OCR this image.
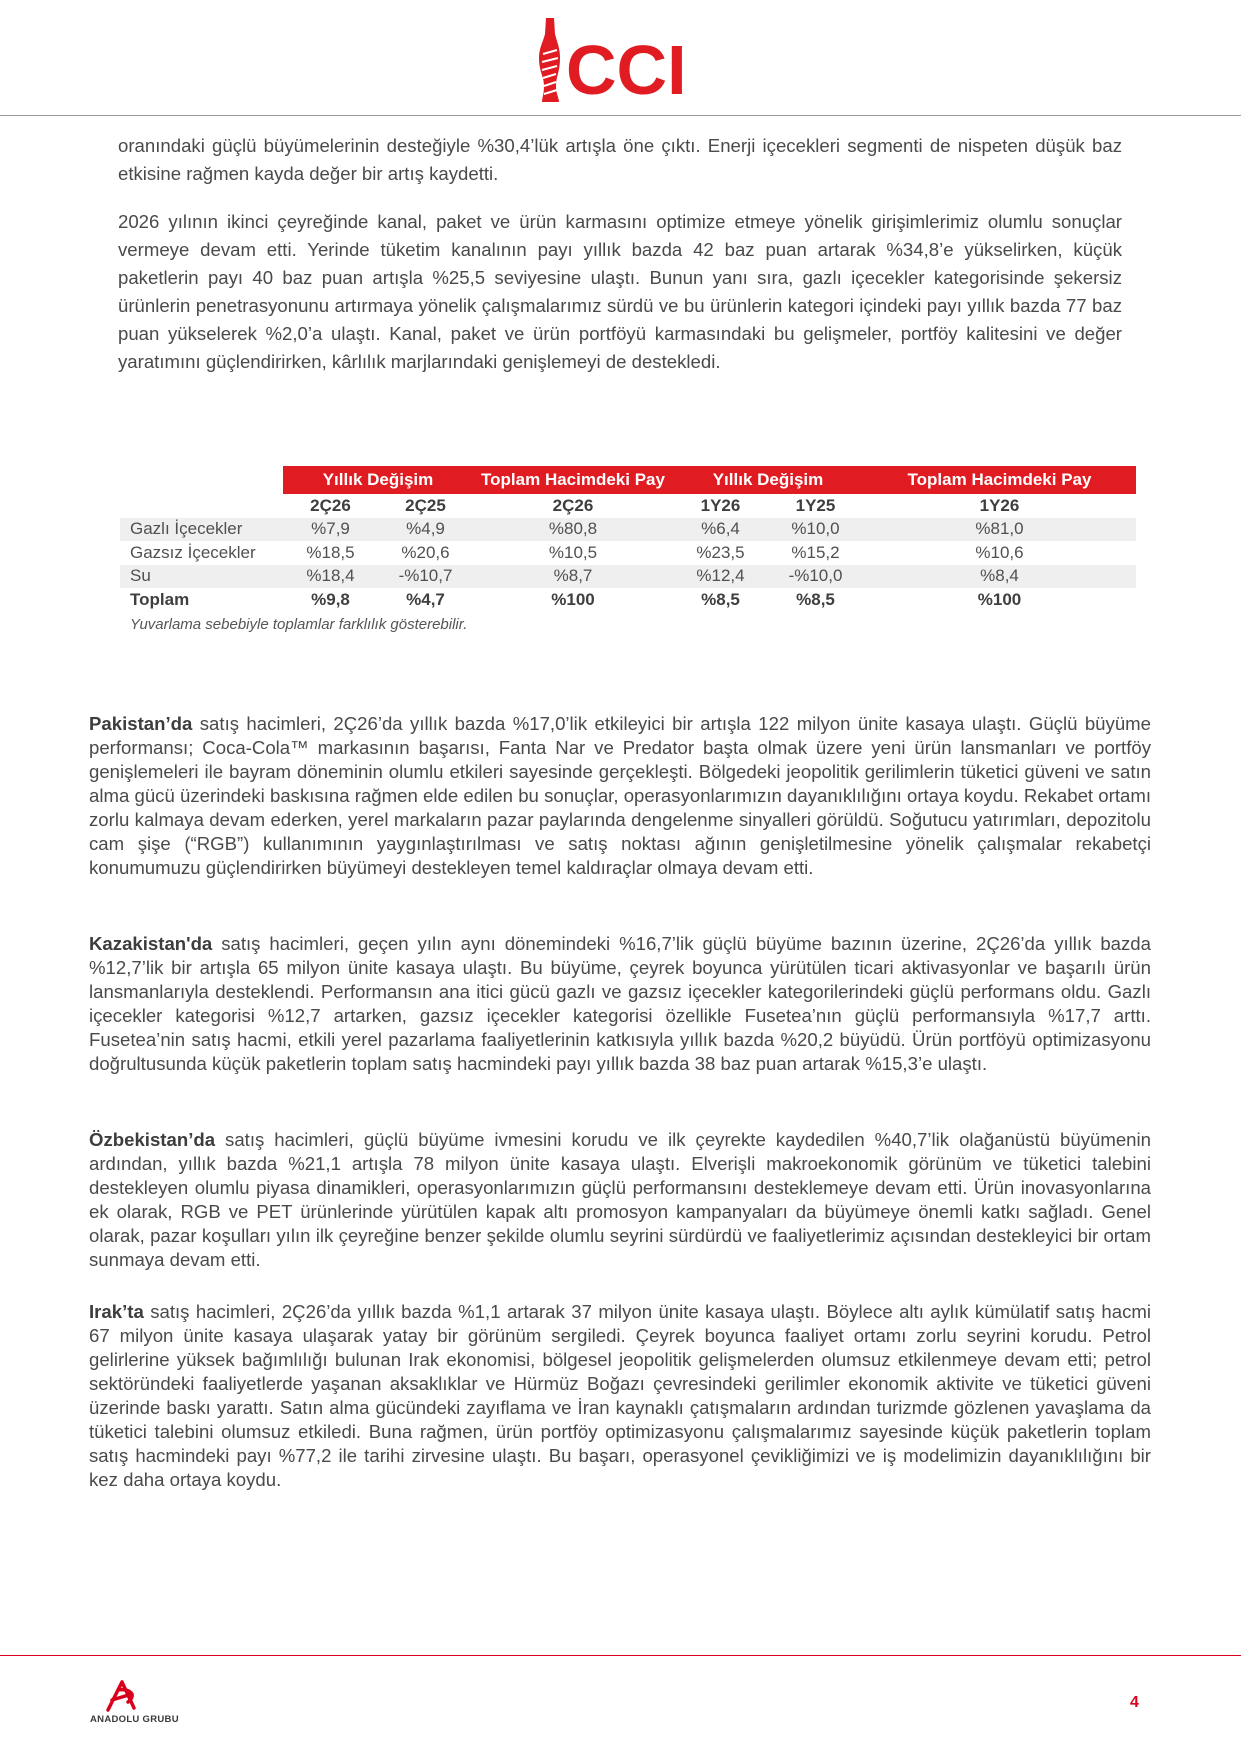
CCI

oranındaki güçlü büyümelerinin desteğiyle %30,4’lük artışla öne çıktı. Enerji içecekleri segmenti de nispeten düşük baz etkisine rağmen kayda değer bir artış kaydetti.

2026 yılının ikinci çeyreğinde kanal, paket ve ürün karmasını optimize etmeye yönelik girişimlerimiz olumlu sonuçlar vermeye devam etti. Yerinde tüketim kanalının payı yıllık bazda 42 baz puan artarak %34,8’e yükselirken, küçük paketlerin payı 40 baz puan artışla %25,5 seviyesine ulaştı. Bunun yanı sıra, gazlı içecekler kategorisinde şekersiz ürünlerin penetrasyonunu artırmaya yönelik çalışmalarımız sürdü ve bu ürünlerin kategori içindeki payı yıllık bazda 77 baz puan yükselerek %2,0’a ulaştı. Kanal, paket ve ürün portföyü karmasındaki bu gelişmeler, portföy kalitesini ve değer yaratımını güçlendirirken, kârlılık marjlarındaki genişlemeyi de destekledi.

	Yıllık Değişim		Toplam Hacimdeki Pay	Yıllık Değişim		Toplam Hacimdeki Pay
	2Ç26	2Ç25	2Ç26	1Y26	1Y25	1Y26
Gazlı İçecekler	%7,9	%4,9	%80,8	%6,4	%10,0	%81,0
Gazsız İçecekler	%18,5	%20,6	%10,5	%23,5	%15,2	%10,6
Su	%18,4	-%10,7	%8,7	%12,4	-%10,0	%8,4
Toplam	%9,8	%4,7	%100	%8,5	%8,5	%100
Yuvarlama sebebiyle toplamlar farklılık gösterebilir.

Pakistan’da satış hacimleri, 2Ç26’da yıllık bazda %17,0’lik etkileyici bir artışla 122 milyon ünite kasaya ulaştı. Güçlü büyüme performansı; Coca-Cola™ markasının başarısı, Fanta Nar ve Predator başta olmak üzere yeni ürün lansmanları ve portföy genişlemeleri ile bayram döneminin olumlu etkileri sayesinde gerçekleşti. Bölgedeki jeopolitik gerilimlerin tüketici güveni ve satın alma gücü üzerindeki baskısına rağmen elde edilen bu sonuçlar, operasyonlarımızın dayanıklılığını ortaya koydu. Rekabet ortamı zorlu kalmaya devam ederken, yerel markaların pazar paylarında dengelenme sinyalleri görüldü. Soğutucu yatırımları, depozitolu cam şişe (“RGB”) kullanımının yaygınlaştırılması ve satış noktası ağının genişletilmesine yönelik çalışmalar rekabetçi konumumuzu güçlendirirken büyümeyi destekleyen temel kaldıraçlar olmaya devam etti.

Kazakistan'da satış hacimleri, geçen yılın aynı dönemindeki %16,7’lik güçlü büyüme bazının üzerine, 2Ç26’da yıllık bazda %12,7’lik bir artışla 65 milyon ünite kasaya ulaştı. Bu büyüme, çeyrek boyunca yürütülen ticari aktivasyonlar ve başarılı ürün lansmanlarıyla desteklendi. Performansın ana itici gücü gazlı ve gazsız içecekler kategorilerindeki güçlü performans oldu. Gazlı içecekler kategorisi %12,7 artarken, gazsız içecekler kategorisi özellikle Fusetea’nın güçlü performansıyla %17,7 arttı. Fusetea’nin satış hacmi, etkili yerel pazarlama faaliyetlerinin katkısıyla yıllık bazda %20,2 büyüdü. Ürün portföyü optimizasyonu doğrultusunda küçük paketlerin toplam satış hacmindeki payı yıllık bazda 38 baz puan artarak %15,3’e ulaştı.

Özbekistan’da satış hacimleri, güçlü büyüme ivmesini korudu ve ilk çeyrekte kaydedilen %40,7’lik olağanüstü büyümenin ardından, yıllık bazda %21,1 artışla 78 milyon ünite kasaya ulaştı. Elverişli makroekonomik görünüm ve tüketici talebini destekleyen olumlu piyasa dinamikleri, operasyonlarımızın güçlü performansını desteklemeye devam etti. Ürün inovasyonlarına ek olarak, RGB ve PET ürünlerinde yürütülen kapak altı promosyon kampanyaları da büyümeye önemli katkı sağladı. Genel olarak, pazar koşulları yılın ilk çeyreğine benzer şekilde olumlu seyrini sürdürdü ve faaliyetlerimiz açısından destekleyici bir ortam sunmaya devam etti.

Irak’ta satış hacimleri, 2Ç26’da yıllık bazda %1,1 artarak 37 milyon ünite kasaya ulaştı. Böylece altı aylık kümülatif satış hacmi 67 milyon ünite kasaya ulaşarak yatay bir görünüm sergiledi. Çeyrek boyunca faaliyet ortamı zorlu seyrini korudu. Petrol gelirlerine yüksek bağımlılığı bulunan Irak ekonomisi, bölgesel jeopolitik gelişmelerden olumsuz etkilenmeye devam etti; petrol sektöründeki faaliyetlerde yaşanan aksaklıklar ve Hürmüz Boğazı çevresindeki gerilimler ekonomik aktivite ve tüketici güveni üzerinde baskı yarattı. Satın alma gücündeki zayıflama ve İran kaynaklı çatışmaların ardından turizmde gözlenen yavaşlama da tüketici talebini olumsuz etkiledi. Buna rağmen, ürün portföy optimizasyonu çalışmalarımız sayesinde küçük paketlerin toplam satış hacmindeki payı %77,2 ile tarihi zirvesine ulaştı. Bu başarı, operasyonel çevikliğimizi ve iş modelimizin dayanıklılığını bir kez daha ortaya koydu.

ANADOLU GRUBU
4
